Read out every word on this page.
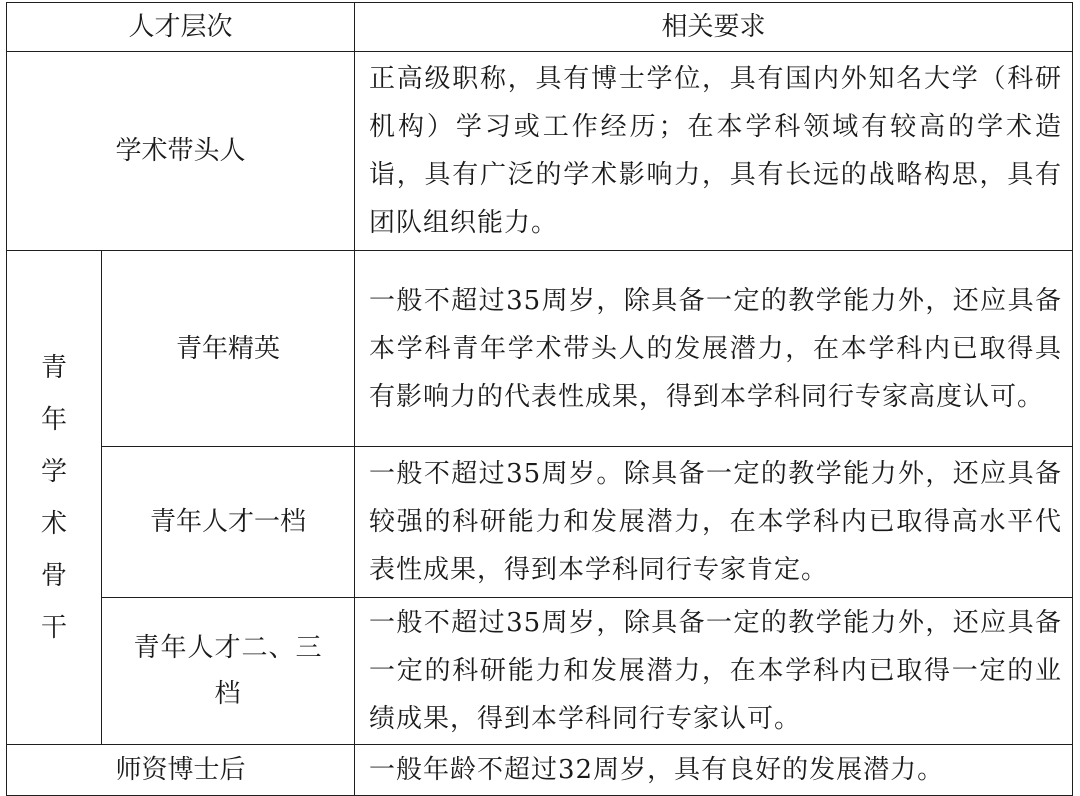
人才层次		相关要求
学术带头人		正高级职称，具有博士学位，具有国内外知名大学（科研机构）学习或工作经历；在本学科领域有较高的学术造诣，具有广泛的学术影响力，具有长远的战略构思，具有团队组织能力。

青年学术骨干	青年精英	一般不超过35周岁，除具备一定的教学能力外，还应具备本学科青年学术带头人的发展潜力，在本学科内已取得具有影响力的代表性成果，得到本学科同行专家高度认可。
	青年人才一档	一般不超过35周岁。除具备一定的教学能力外，还应具备较强的科研能力和发展潜力，在本学科内已取得高水平代表性成果，得到本学科同行专家肯定。
	青年人才二、三档	一般不超过35周岁，除具备一定的教学能力外，还应具备一定的科研能力和发展潜力，在本学科内已取得一定的业绩成果，得到本学科同行专家认可。
师资博士后		一般年龄不超过32周岁，具有良好的发展潜力。
